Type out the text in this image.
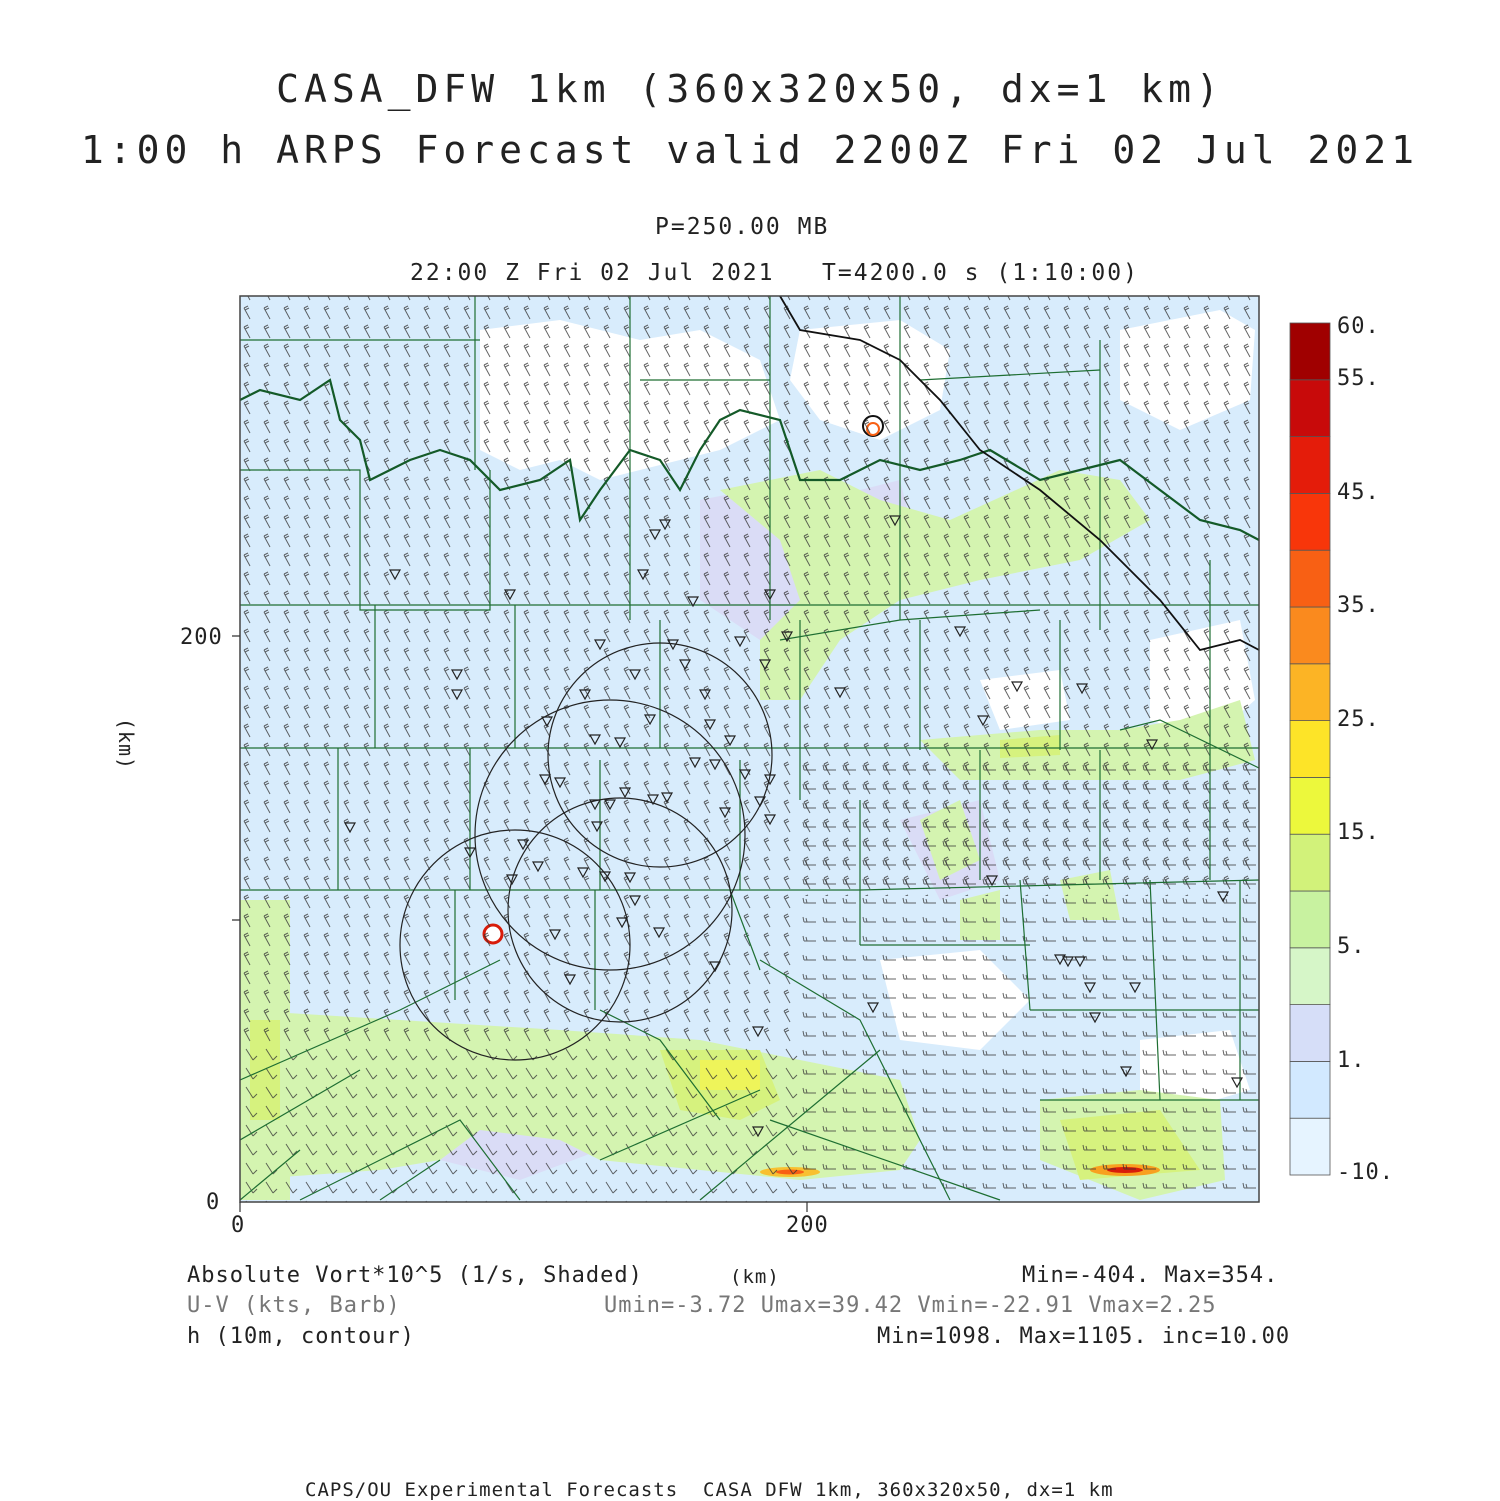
CASA_DFW 1km (360x320x50, dx=1 km)
1:00 h ARPS Forecast valid 2200Z Fri 02 Jul 2021
P=250.00 MB
22:00 Z Fri 02 Jul 2021   T=4200.0 s (1:10:00)
0
200
0	200
(km)
60.
55.
45.
35.
25.
15.
5.
1.
-10.
Absolute Vort*10^5 (1/s, Shaded)	(km)	Min=-404. Max=354.
U-V (kts, Barb)	Umin=-3.72 Umax=39.42 Vmin=-22.91 Vmax=2.25
h (10m, contour)	Min=1098. Max=1105. inc=10.00
CAPS/OU Experimental Forecasts  CASA DFW 1km, 360x320x50, dx=1 km
